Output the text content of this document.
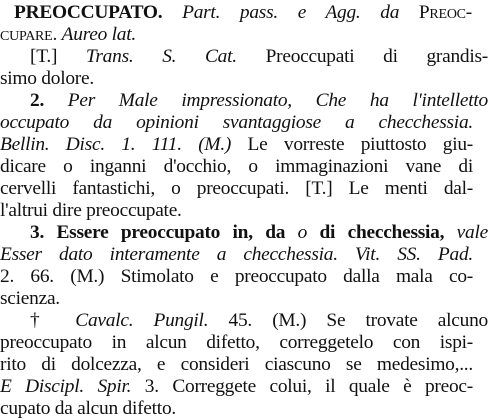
PREOCCUPATO. Part. pass. e Agg. da Preoc-
cupare. Aureo lat.
[T.] Trans. S. Cat. Preoccupati di grandis-
simo dolore.
2. Per Male impressionato, Che ha l'intelletto
occupato da opinioni svantaggiose a checchessia.
Bellin. Disc. 1. 111. (M.) Le vorreste piuttosto giu-
dicare o inganni d'occhio, o immaginazioni vane di
cervelli fantastichi, o preoccupati. [T.] Le menti dal-
l'altrui dire preoccupate.
3. Essere preoccupato in, da o di checchessia, vale
Esser dato interamente a checchessia. Vit. SS. Pad.
2. 66. (M.) Stimolato e preoccupato dalla mala co-
scienza.
† Cavalc. Pungil. 45. (M.) Se trovate alcuno
preoccupato in alcun difetto, correggetelo con ispi-
rito di dolcezza, e consideri ciascuno se medesimo,...
E Discipl. Spir. 3. Correggete colui, il quale è preoc-
cupato da alcun difetto.
